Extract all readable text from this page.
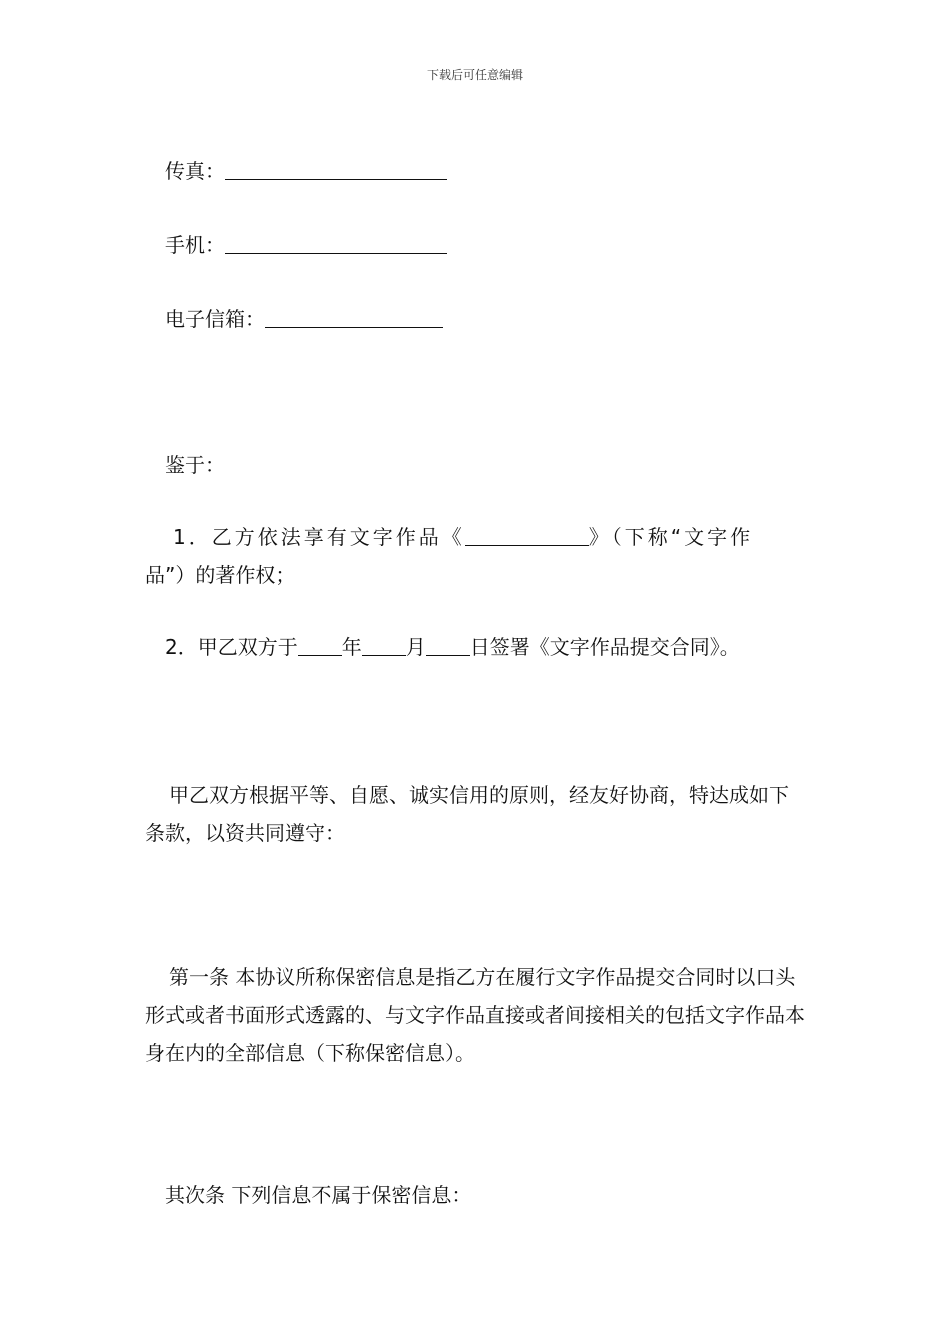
下载后可任意编辑
传真：
手机：
电子信箱：
鉴于：
1．乙方依法享有文字作品《	》（下称“文字作
品”）的著作权；
2．甲乙双方于 年 月 日签署《文字作品提交合同》。
甲乙双方根据平等、自愿、诚实信用的原则，经友好协商，特达成如下条款，以资共同遵守：
第一条 本协议所称保密信息是指乙方在履行文字作品提交合同时以口头形式或者书面形式透露的、与文字作品直接或者间接相关的包括文字作品本身在内的全部信息（下称保密信息）。
其次条 下列信息不属于保密信息：
